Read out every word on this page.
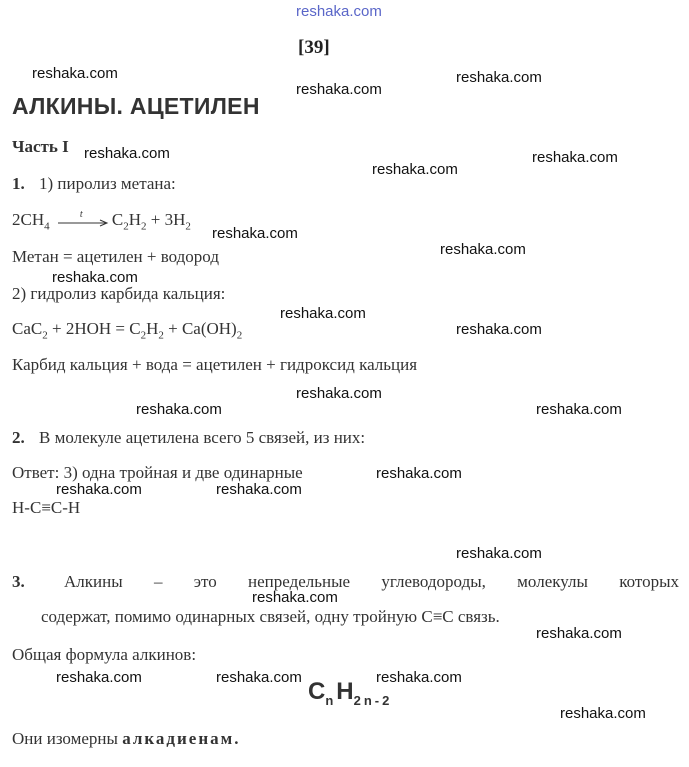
reshaka.com
[39]
АЛКИНЫ. АЦЕТИЛЕН
Часть I
1. 1) пиролиз метана:
$2CH_4$
t $C_2H_2 + 3H_2$
Метан = ацетилен + водород
2) гидролиз карбида кальция:
$CaC_2 + 2HOH = C_2H_2 + Ca(OH)_2$
Карбид кальция + вода = ацетилен + гидроксид кальция
2. В молекуле ацетилена всего 5 связей, из них:
Ответ: 3) одна тройная и две одинарные
H-C≡C-H
3. Алкины – это непредельные углеводороды, молекулы которых
содержат, помимо одинарных связей, одну тройную C≡C связь.
Общая формула алкинов:
$C_nH_{2n-2}$
Они изомерны алкадиенам.
reshaka.com	reshaka.com
reshaka.com
reshaka.com	reshaka.com
reshaka.com
reshaka.com
reshaka.com
reshaka.com
reshaka.com
reshaka.com
reshaka.com
reshaka.com	reshaka.com
reshaka.com
reshaka.com	reshaka.com
reshaka.com
reshaka.com
reshaka.com
reshaka.com	reshaka.com	reshaka.com
reshaka.com
